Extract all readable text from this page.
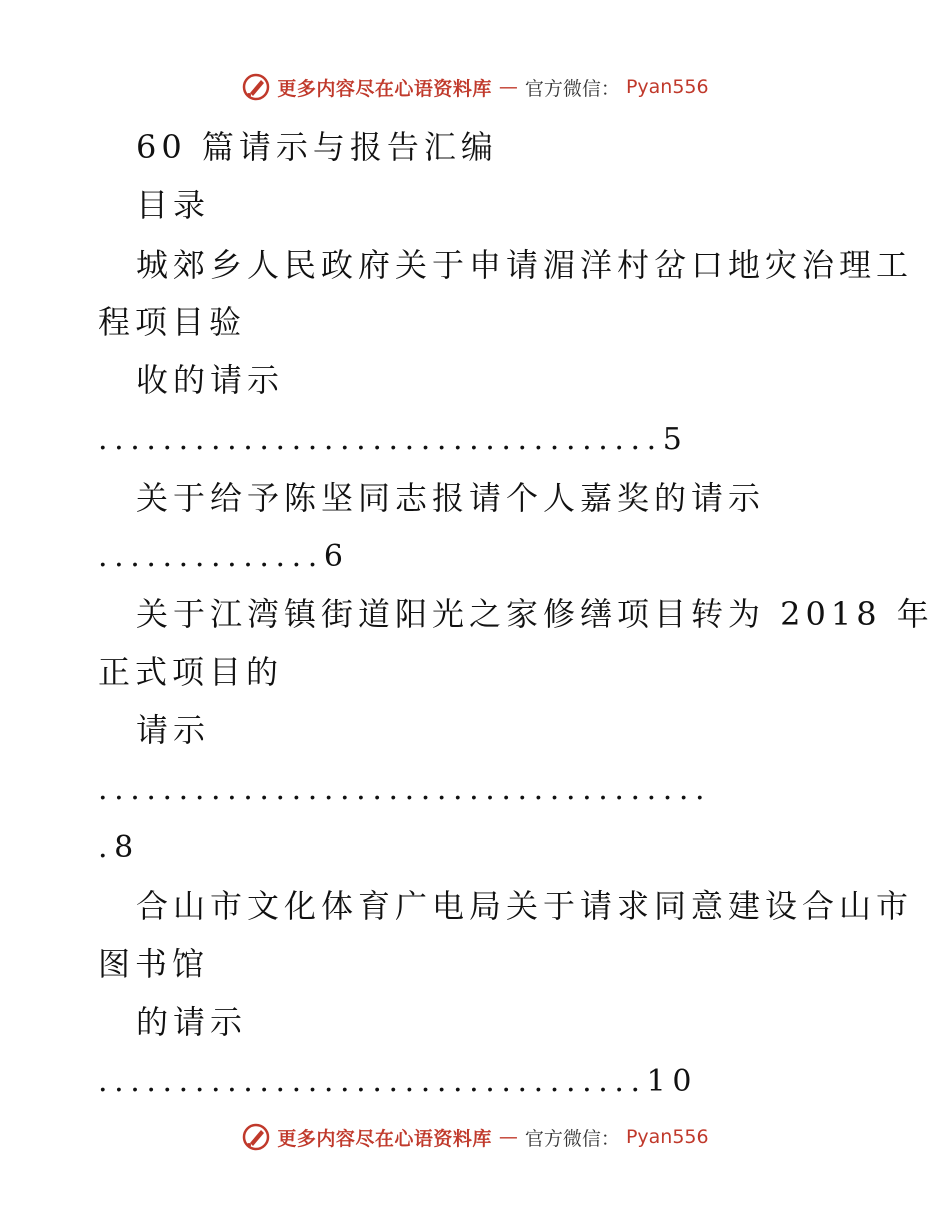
更多内容尽在心语资料库 — 官方微信： Pyan556
60 篇请示与报告汇编
目录
城郊乡人民政府关于申请湄洋村岔口地灾治理工
程项目验
收的请示
...................................5
关于给予陈坚同志报请个人嘉奖的请示
..............6
关于江湾镇街道阳光之家修缮项目转为 2018 年
正式项目的
请示
......................................
.8
合山市文化体育广电局关于请求同意建设合山市
图书馆
的请示
..................................10
更多内容尽在心语资料库 — 官方微信： Pyan556
